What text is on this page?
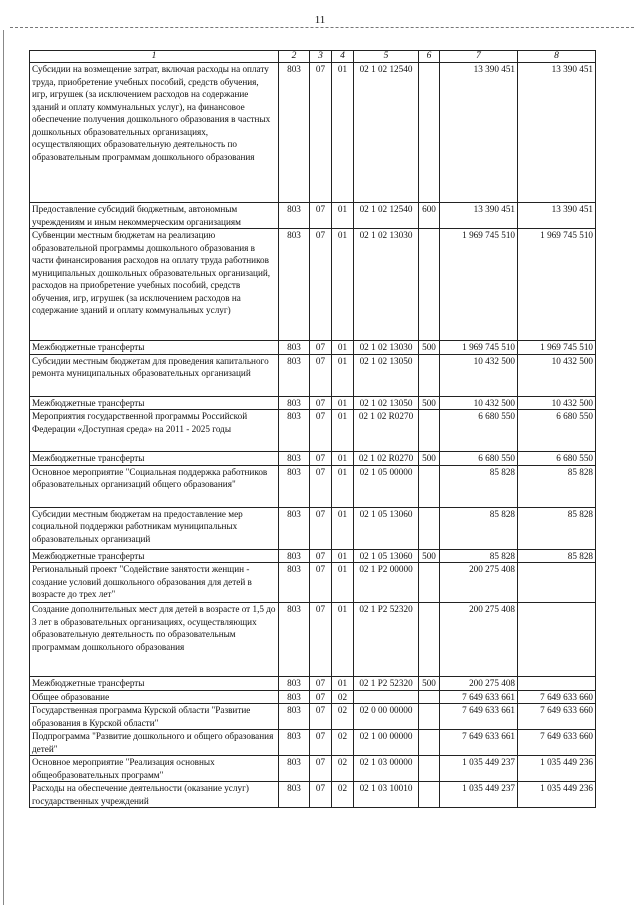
11
1	2	3	4	5	6	7	8
Субсидии на возмещение затрат, включая расходы на оплату труда, приобретение учебных пособий, средств обучения, игр, игрушек (за исключением расходов на содержание зданий и оплату коммунальных услуг), на финансовое обеспечение получения дошкольного образования в частных дошкольных образовательных организациях, осуществляющих образовательную деятельность по образовательным программам дошкольного образования	803	07	01	02 1 02 12540		13 390 451	13 390 451
Предоставление субсидий бюджетным, автономным учреждениям и иным некоммерческим организациям	803	07	01	02 1 02 12540	600	13 390 451	13 390 451
Субвенции местным бюджетам на реализацию образовательной программы дошкольного образования в части финансирования расходов на оплату труда работников муниципальных дошкольных образовательных организаций, расходов на приобретение учебных пособий, средств обучения, игр, игрушек (за исключением расходов на содержание зданий и оплату коммунальных услуг)	803	07	01	02 1 02 13030		1 969 745 510	1 969 745 510
Межбюджетные трансферты	803	07	01	02 1 02 13030	500	1 969 745 510	1 969 745 510
Субсидии местным бюджетам для проведения капитального ремонта муниципальных образовательных организаций	803	07	01	02 1 02 13050		10 432 500	10 432 500
Межбюджетные трансферты	803	07	01	02 1 02 13050	500	10 432 500	10 432 500
Мероприятия государственной программы Российской Федерации «Доступная среда» на 2011 - 2025 годы	803	07	01	02 1 02 R0270		6 680 550	6 680 550
Межбюджетные трансферты	803	07	01	02 1 02 R0270	500	6 680 550	6 680 550
Основное мероприятие "Социальная поддержка работников образовательных организаций общего образования"	803	07	01	02 1 05 00000		85 828	85 828
Субсидии местным бюджетам на предоставление мер социальной поддержки работникам муниципальных образовательных организаций	803	07	01	02 1 05 13060		85 828	85 828
Межбюджетные трансферты	803	07	01	02 1 05 13060	500	85 828	85 828
Региональный проект "Содействие занятости женщин - создание условий дошкольного образования для детей в возрасте до трех лет"	803	07	01	02 1 P2 00000		200 275 408	
Создание дополнительных мест для детей в возрасте от 1,5 до 3 лет в образовательных организациях, осуществляющих образовательную деятельность по образовательным программам дошкольного образования	803	07	01	02 1 P2 52320		200 275 408	
Межбюджетные трансферты	803	07	01	02 1 P2 52320	500	200 275 408	
Общее образование	803	07	02			7 649 633 661	7 649 633 660
Государственная программа Курской области "Развитие образования в Курской области"	803	07	02	02 0 00 00000		7 649 633 661	7 649 633 660
Подпрограмма "Развитие дошкольного и общего образования детей"	803	07	02	02 1 00 00000		7 649 633 661	7 649 633 660
Основное мероприятие "Реализация основных общеобразовательных программ"	803	07	02	02 1 03 00000		1 035 449 237	1 035 449 236
Расходы на обеспечение деятельности (оказание услуг) государственных учреждений	803	07	02	02 1 03 10010		1 035 449 237	1 035 449 236
